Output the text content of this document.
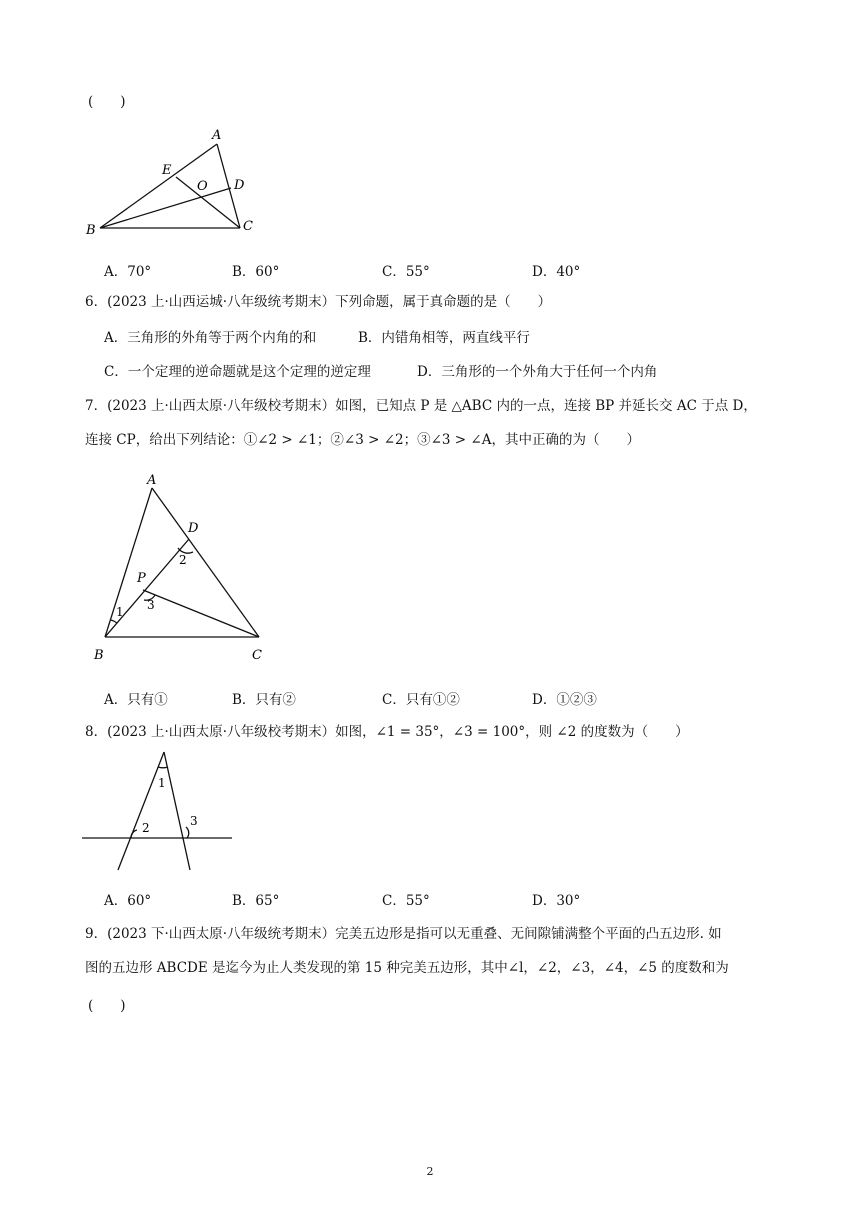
(　　)
A
E
O D
B	C
A．70°	B．60°	C．55°	D．40°
6．(2023 上·山西运城·八年级统考期末）下列命题，属于真命题的是（　　）
A．三角形的外角等于两个内角的和	B．内错角相等，两直线平行
C．一个定理的逆命题就是这个定理的逆定理	D．三角形的一个外角大于任何一个内角
7．(2023 上·山西太原·八年级校考期末）如图，已知点 P 是 △ABC 内的一点，连接 BP 并延长交 AC 于点 D，
连接 CP，给出下列结论：①∠2 > ∠1；②∠3 > ∠2；③∠3 > ∠A，其中正确的为（　　）
A
D
2
P
3
1
B	C
A．只有①	B．只有②	C．只有①②	D．①②③
8．(2023 上·山西太原·八年级校考期末）如图，∠1 = 35°，∠3 = 100°，则 ∠2 的度数为（　　）
1
2	3
A．60°	B．65°	C．55°	D．30°
9．(2023 下·山西太原·八年级统考期末）完美五边形是指可以无重叠、无间隙铺满整个平面的凸五边形. 如
图的五边形 ABCDE 是迄今为止人类发现的第 15 种完美五边形，其中∠l，∠2，∠3，∠4，∠5 的度数和为
(　　)
2
